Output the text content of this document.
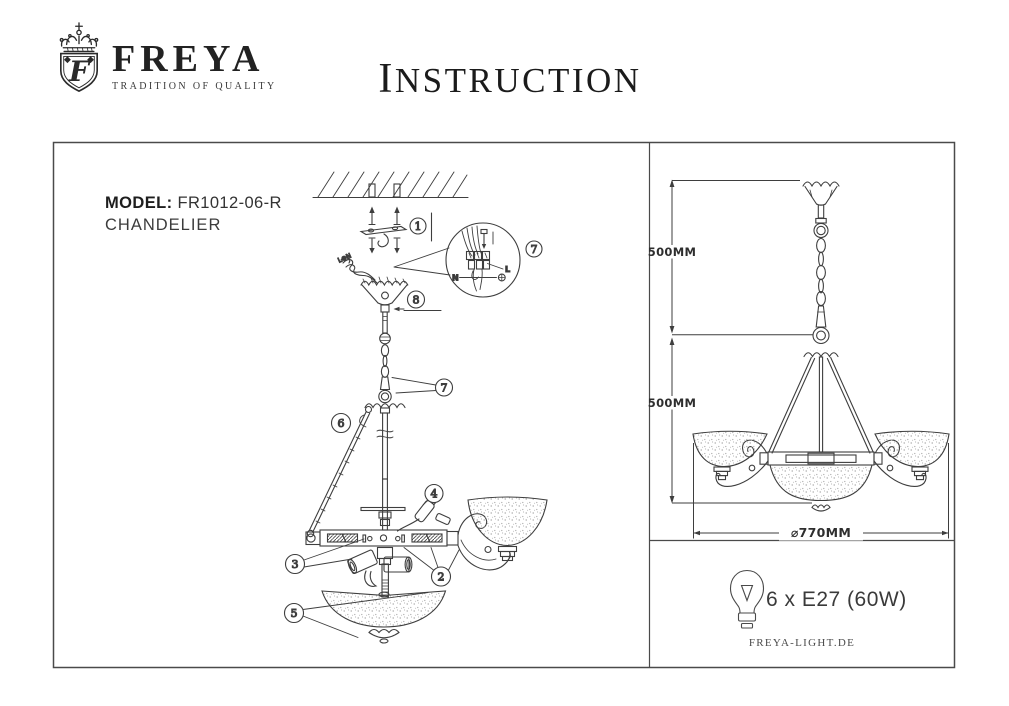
F FREYA
TRADITION OF QUALITY	INSTRUCTION
MODEL: FR1012-06-R
CHANDELIER
6 x E27 (60W)
FREYA-LIGHT.DE
1
7
8
7
6
4
3
2
5
L⊕N
N
L
500MM
500MM
⌀770MM
